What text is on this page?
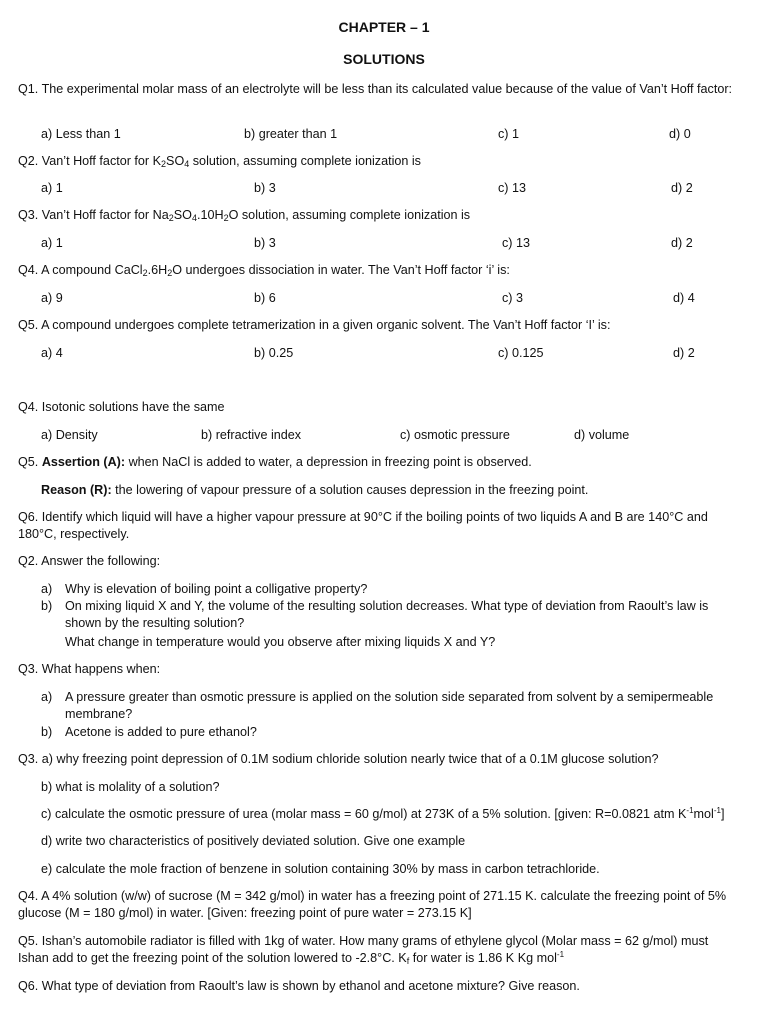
CHAPTER – 1
SOLUTIONS
Q1. The experimental molar mass of an electrolyte will be less than its calculated value because of the value of Van’t Hoff factor:
a) Less than 1	b) greater than 1	c) 1	d) 0
Q2. Van’t Hoff factor for $K_2SO_4$ solution, assuming complete ionization is
a) 1	b) 3	c) 13	d) 2
Q3. Van’t Hoff factor for $Na_2SO_4.10H_2O$ solution, assuming complete ionization is
a) 1	b) 3	c) 13	d) 2
Q4. A compound $CaCl_2.6H_2O$ undergoes dissociation in water. The Van’t Hoff factor ‘i’ is:
a) 9	b) 6	c) 3	d) 4
Q5. A compound undergoes complete tetramerization in a given organic solvent. The Van’t Hoff factor ‘I’ is:
a) 4	b) 0.25	c) 0.125	d) 2
Q4. Isotonic solutions have the same
a) Density	b) refractive index	c) osmotic pressure	d) volume
Q5. Assertion (A): when NaCl is added to water, a depression in freezing point is observed.
Reason (R): the lowering of vapour pressure of a solution causes depression in the freezing point.
Q6. Identify which liquid will have a higher vapour pressure at 90°C if the boiling points of two liquids A and B are 140°C and 180°C, respectively.
Q2. Answer the following:
a) Why is elevation of boiling point a colligative property?
b) On mixing liquid X and Y, the volume of the resulting solution decreases. What type of deviation from Raoult’s law is shown by the resulting solution?
What change in temperature would you observe after mixing liquids X and Y?
Q3. What happens when:
a) A pressure greater than osmotic pressure is applied on the solution side separated from solvent by a semipermeable membrane?
b) Acetone is added to pure ethanol?
Q3. a) why freezing point depression of 0.1M sodium chloride solution nearly twice that of a 0.1M glucose solution?
b) what is molality of a solution?
c) calculate the osmotic pressure of urea (molar mass = 60 g/mol) at 273K of a 5% solution. [given: R=0.0821 atm $K^{-1}mol^{-1}$]
d) write two characteristics of positively deviated solution. Give one example
e) calculate the mole fraction of benzene in solution containing 30% by mass in carbon tetrachloride.
Q4. A 4% solution (w/w) of sucrose (M = 342 g/mol) in water has a freezing point of 271.15 K. calculate the freezing point of 5% glucose (M = 180 g/mol) in water. [Given: freezing point of pure water = 273.15 K]
Q5. Ishan’s automobile radiator is filled with 1kg of water. How many grams of ethylene glycol (Molar mass = 62 g/mol) must Ishan add to get the freezing point of the solution lowered to -2.8°C. $K_f$ for water is 1.86 K Kg mol$^{-1}$
Q6. What type of deviation from Raoult’s law is shown by ethanol and acetone mixture? Give reason.
